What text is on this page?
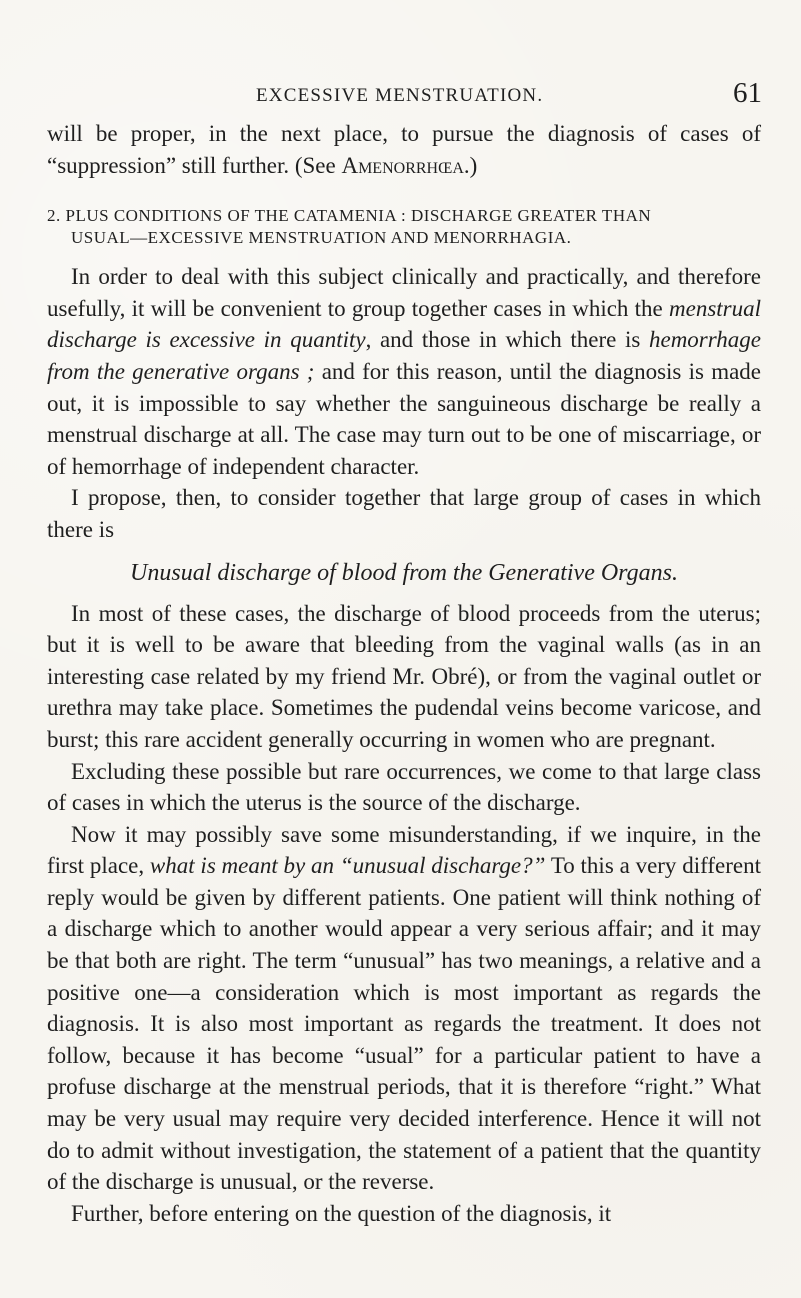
EXCESSIVE MENSTRUATION.	61

will be proper, in the next place, to pursue the diagnosis of cases of “suppression” still further. (See Amenorrhœa.)

2. PLUS CONDITIONS OF THE CATAMENIA : DISCHARGE GREATER THAN
USUAL—EXCESSIVE MENSTRUATION AND MENORRHAGIA.

In order to deal with this subject clinically and practically, and therefore usefully, it will be convenient to group together cases in which the menstrual discharge is excessive in quantity, and those in which there is hemorrhage from the generative organs ; and for this reason, until the diagnosis is made out, it is impossible to say whether the sanguineous discharge be really a menstrual discharge at all. The case may turn out to be one of miscarriage, or of hemorrhage of independent character.

I propose, then, to consider together that large group of cases in which there is

Unusual discharge of blood from the Generative Organs.

In most of these cases, the discharge of blood proceeds from the uterus; but it is well to be aware that bleeding from the vaginal walls (as in an interesting case related by my friend Mr. Obré), or from the vaginal outlet or urethra may take place. Sometimes the pudendal veins become varicose, and burst; this rare accident generally occurring in women who are pregnant.

Excluding these possible but rare occurrences, we come to that large class of cases in which the uterus is the source of the discharge.

Now it may possibly save some misunderstanding, if we inquire, in the first place, what is meant by an “unusual discharge?” To this a very different reply would be given by different patients. One patient will think nothing of a discharge which to another would appear a very serious affair; and it may be that both are right. The term “unusual” has two meanings, a relative and a positive one—a consideration which is most important as regards the diagnosis. It is also most important as regards the treatment. It does not follow, because it has become “usual” for a particular patient to have a profuse discharge at the menstrual periods, that it is therefore “right.” What may be very usual may require very decided interference. Hence it will not do to admit without investigation, the statement of a patient that the quantity of the discharge is unusual, or the reverse.

Further, before entering on the question of the diagnosis, it
